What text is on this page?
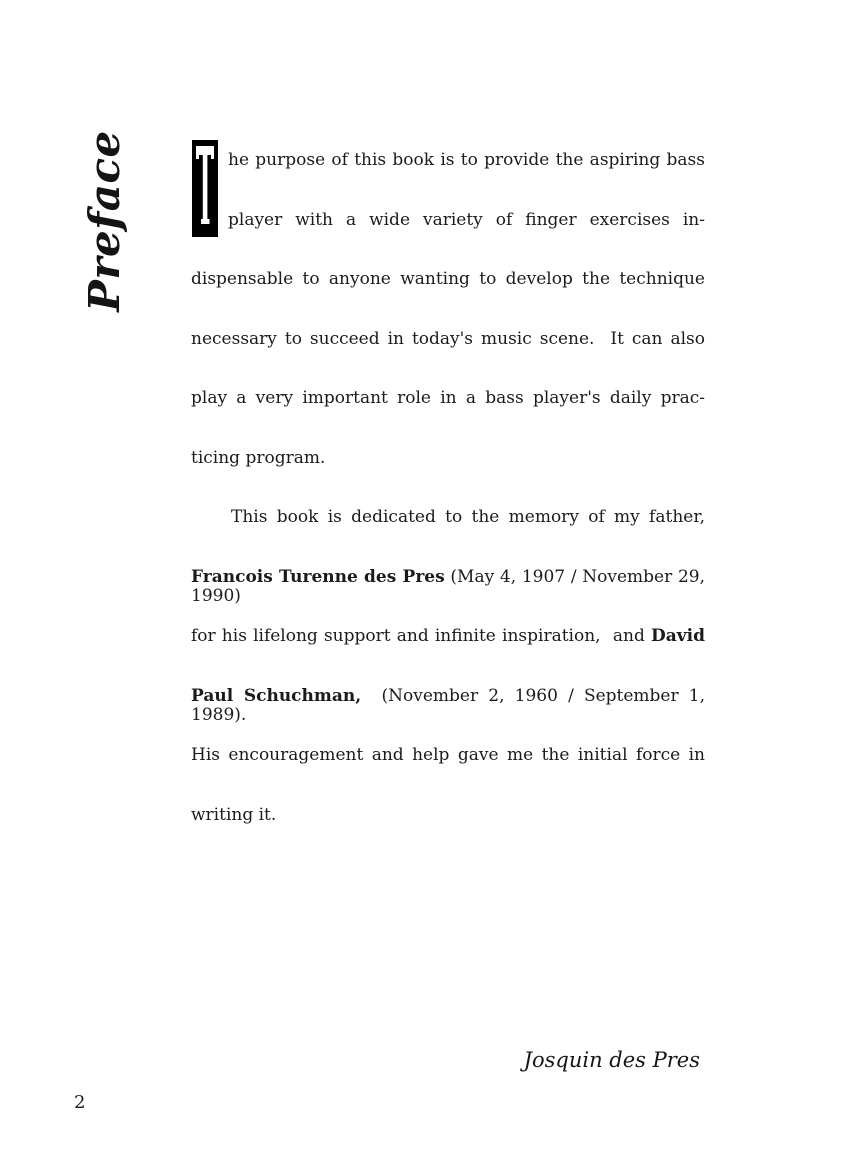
Preface	he purpose of this book is to provide the aspiring bass
player with a wide variety of finger exercises in-
dispensable to anyone wanting to develop the technique
necessary to succeed in today's music scene.  It can also
play a very important role in a bass player's daily prac-
ticing program.
This book is dedicated to the memory of my father,
Francois Turenne des Pres (May 4, 1907 / November 29, 1990)
for his lifelong support and infinite inspiration,  and David
Paul Schuchman,  (November 2, 1960 / September 1, 1989).
His encouragement and help gave me the initial force in
writing it.
Josquin des Pres
2
